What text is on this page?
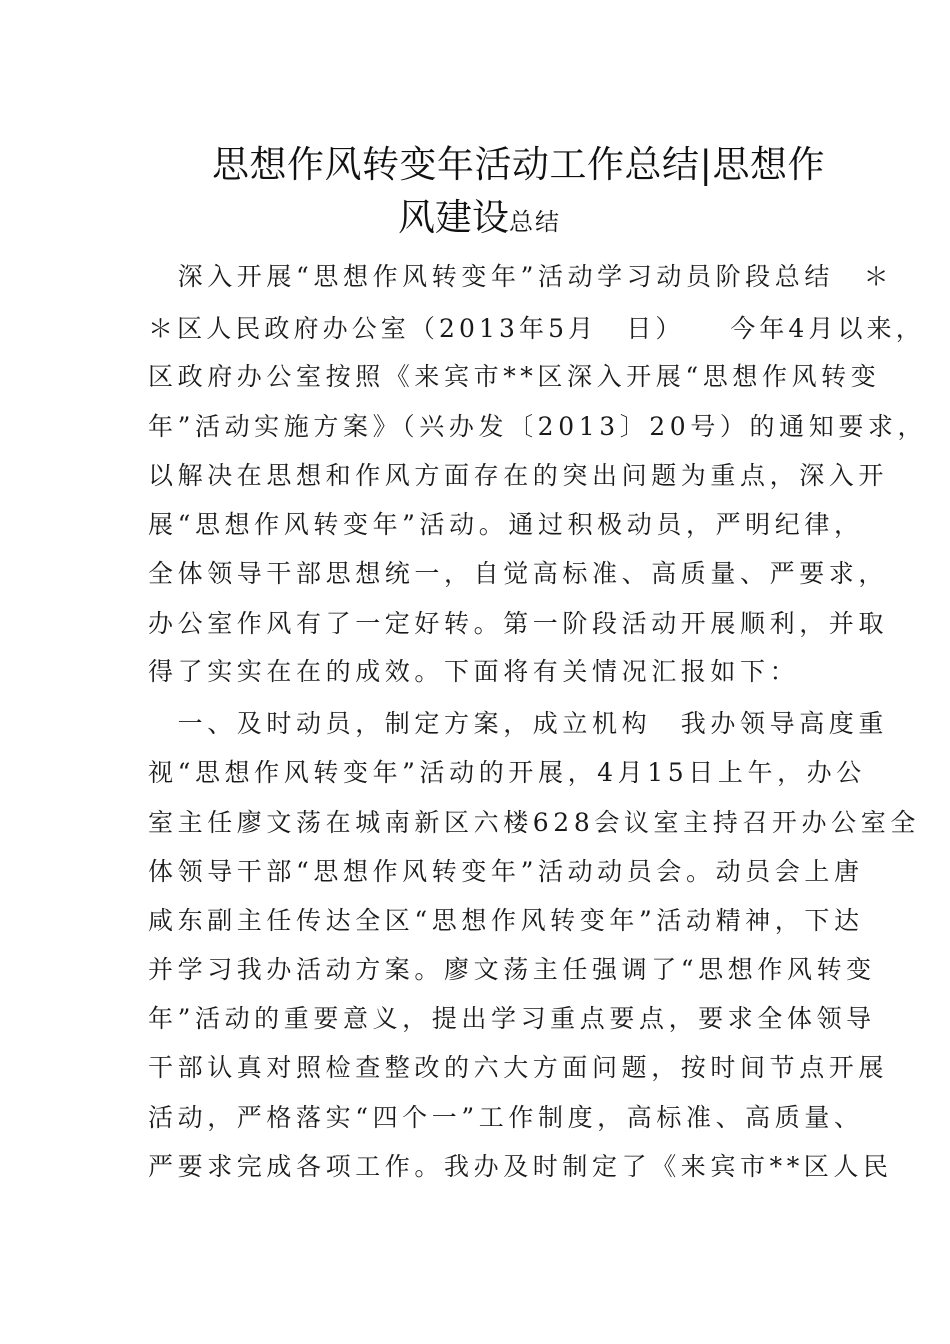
思想作风转变年活动工作总结|思想作
风建设总结
　深入开展“思想作风转变年”活动学习动员阶段总结　＊
＊区人民政府办公室（2013年5月　日）　　今年4月以来，
区政府办公室按照《来宾市**区深入开展“思想作风转变
年”活动实施方案》（兴办发〔2013〕20号）的通知要求，
以解决在思想和作风方面存在的突出问题为重点，深入开
展“思想作风转变年”活动。通过积极动员，严明纪律，
全体领导干部思想统一，自觉高标准、高质量、严要求，
办公室作风有了一定好转。第一阶段活动开展顺利，并取
得了实实在在的成效。下面将有关情况汇报如下：
　一、及时动员，制定方案，成立机构　我办领导高度重
视“思想作风转变年”活动的开展，4月15日上午，办公
室主任廖文荡在城南新区六楼628会议室主持召开办公室全
体领导干部“思想作风转变年”活动动员会。动员会上唐
咸东副主任传达全区“思想作风转变年”活动精神，下达
并学习我办活动方案。廖文荡主任强调了“思想作风转变
年”活动的重要意义，提出学习重点要点，要求全体领导
干部认真对照检查整改的六大方面问题，按时间节点开展
活动，严格落实“四个一”工作制度，高标准、高质量、
严要求完成各项工作。我办及时制定了《来宾市**区人民
